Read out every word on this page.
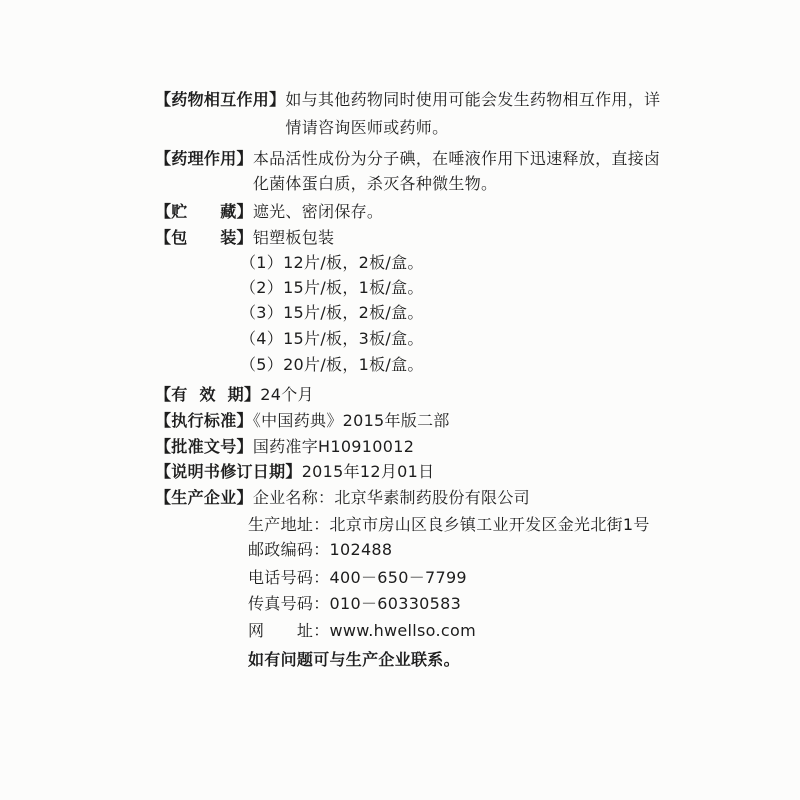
【药物相互作用】 如与其他药物同时使用可能会发生药物相互作用，详
情请咨询医师或药师。
【药理作用】 本品活性成份为分子碘，在唾液作用下迅速释放，直接卤
化菌体蛋白质，杀灭各种微生物。
【贮　　藏】遮光、密闭保存。
【包　　装】铝塑板包装
（1）12片/板，2板/盒。
（2）15片/板，1板/盒。
（3）15片/板，2板/盒。
（4）15片/板，3板/盒。
（5）20片/板，1板/盒。
【有 效 期】24个月
【执行标准】《中国药典》2015年版二部
【批准文号】国药准字H10910012
【说明书修订日期】2015年12月01日
【生产企业】企业名称：北京华素制药股份有限公司
生产地址：北京市房山区良乡镇工业开发区金光北街1号
邮政编码：102488
电话号码：400－650－7799
传真号码：010－60330583
网　　址：www.hwellso.com
如有问题可与生产企业联系。
